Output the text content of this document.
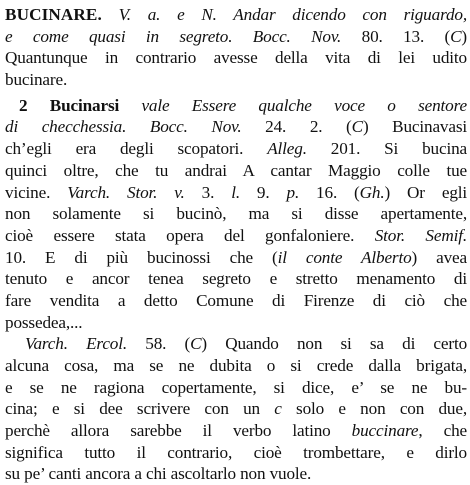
BUCINARE. V. a. e N. Andar dicendo con riguardo,
e come quasi in segreto. Bocc. Nov. 80. 13. (C)
Quantunque in contrario avesse della vita di lei udito
bucinare.
2 Bucinarsi vale Essere qualche voce o sentore
di checchessia. Bocc. Nov. 24. 2. (C) Bucinavasi
ch’egli era degli scopatori. Alleg. 201. Si bucina
quinci oltre, che tu andrai A cantar Maggio colle tue
vicine. Varch. Stor. v. 3. l. 9. p. 16. (Gh.) Or egli
non solamente si bucinò, ma si disse apertamente,
cioè essere stata opera del gonfaloniere. Stor. Semif.
10. E di più bucinossi che (il conte Alberto) avea
tenuto e ancor tenea segreto e stretto menamento di
fare vendita a detto Comune di Firenze di ciò che
possedea,...
Varch. Ercol. 58. (C) Quando non si sa di certo
alcuna cosa, ma se ne dubita o si crede dalla brigata,
e se ne ragiona copertamente, si dice, e’ se ne bu-
cina; e si dee scrivere con un c solo e non con due,
perchè allora sarebbe il verbo latino buccinare, che
significa tutto il contrario, cioè trombettare, e dirlo
su pe’ canti ancora a chi ascoltarlo non vuole.
